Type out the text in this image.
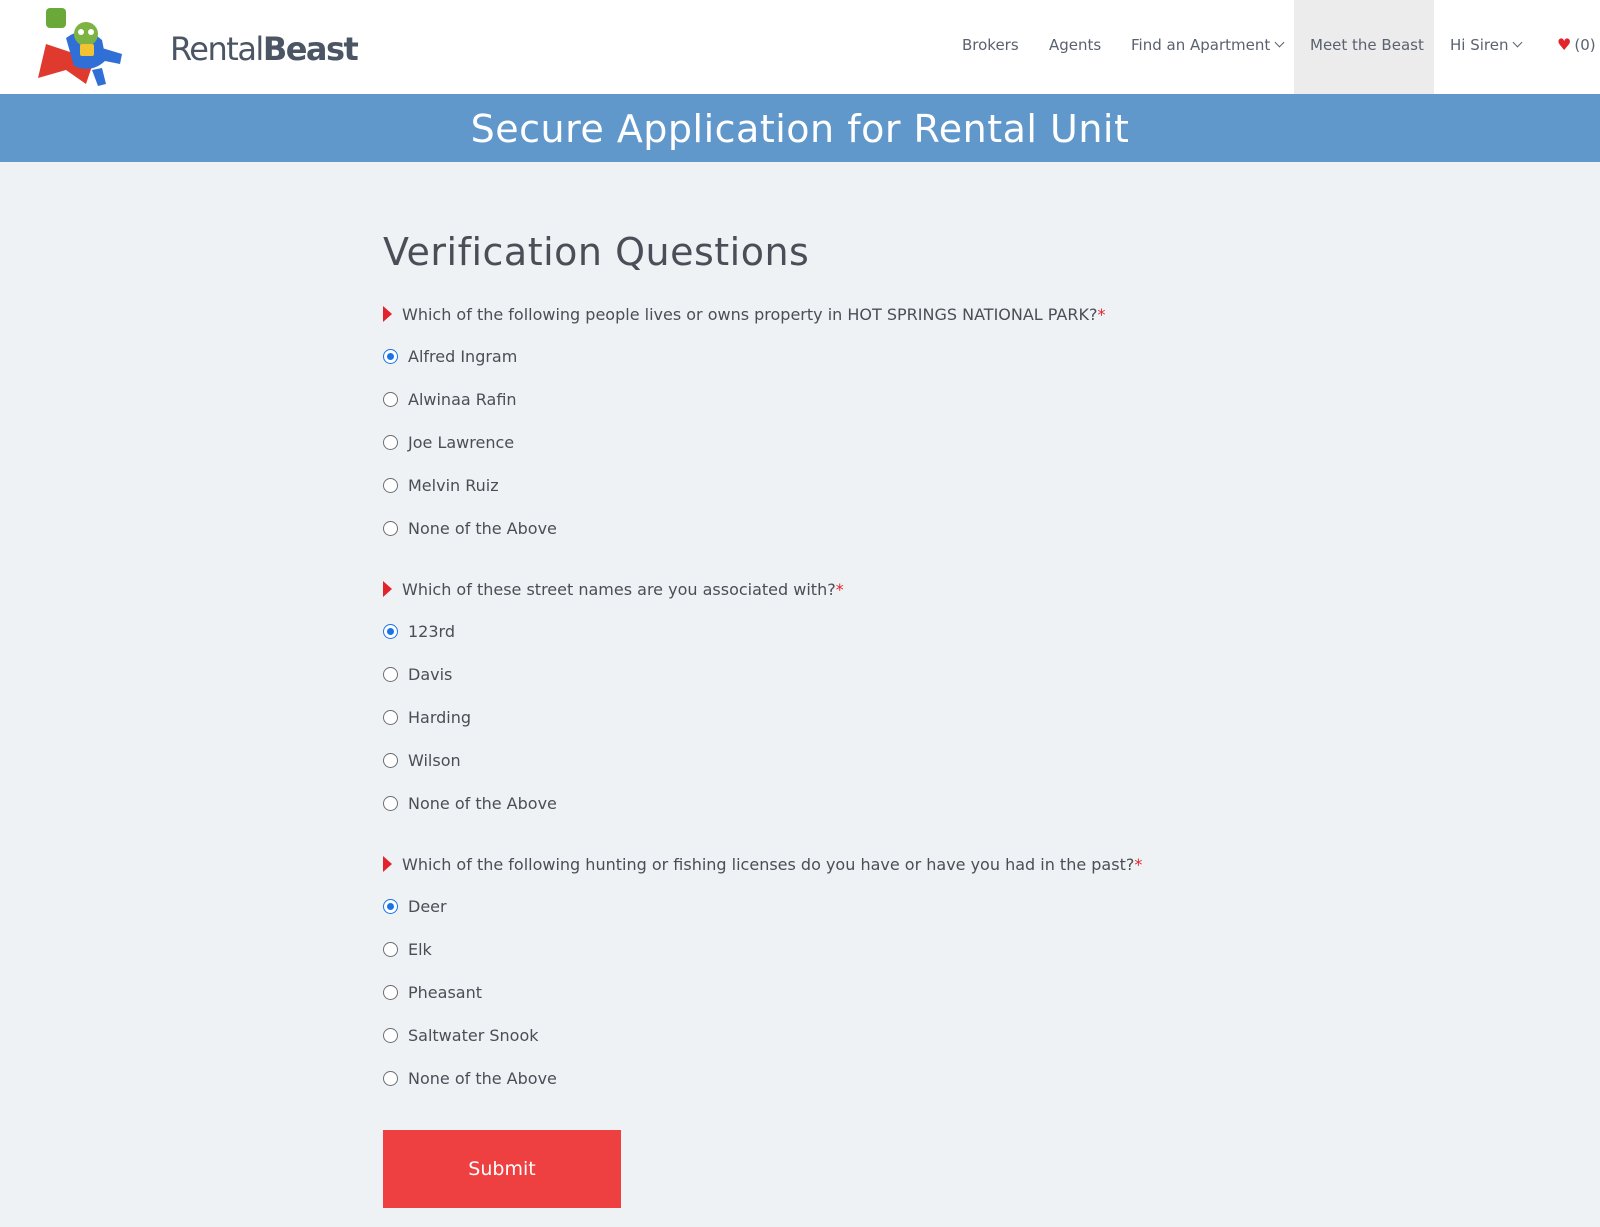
RentalBeast	Brokers Agents Find an Apartment	Meet the Beast	Hi Siren	♥ (0)
Secure Application for Rental Unit
Verification Questions
Which of the following people lives or owns property in HOT SPRINGS NATIONAL PARK?*
Alfred Ingram
Alwinaa Rafin
Joe Lawrence
Melvin Ruiz
None of the Above
Which of these street names are you associated with?*
123rd
Davis
Harding
Wilson
None of the Above
Which of the following hunting or fishing licenses do you have or have you had in the past?*
Deer
Elk
Pheasant
Saltwater Snook
None of the Above
Submit
